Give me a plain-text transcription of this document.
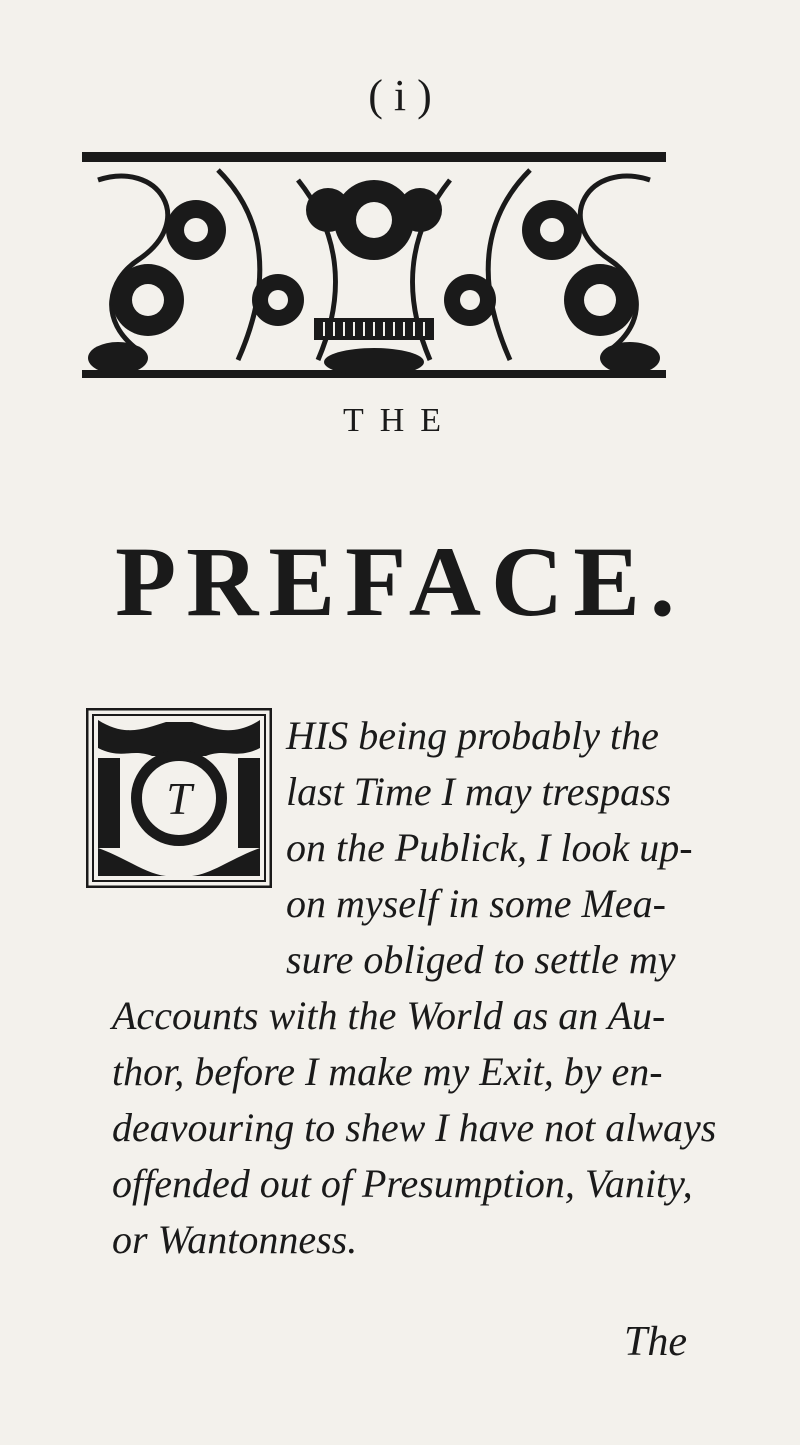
( i )
THE
PREFACE.
T
HIS being probably the
last Time I may trespass
on the Publick, I look up-
on myself in some Mea-
sure obliged to settle my
Accounts with the World as an Au-
thor, before I make my Exit, by en-
deavouring to shew I have not always
offended out of Presumption, Vanity,
or Wantonness.
The
